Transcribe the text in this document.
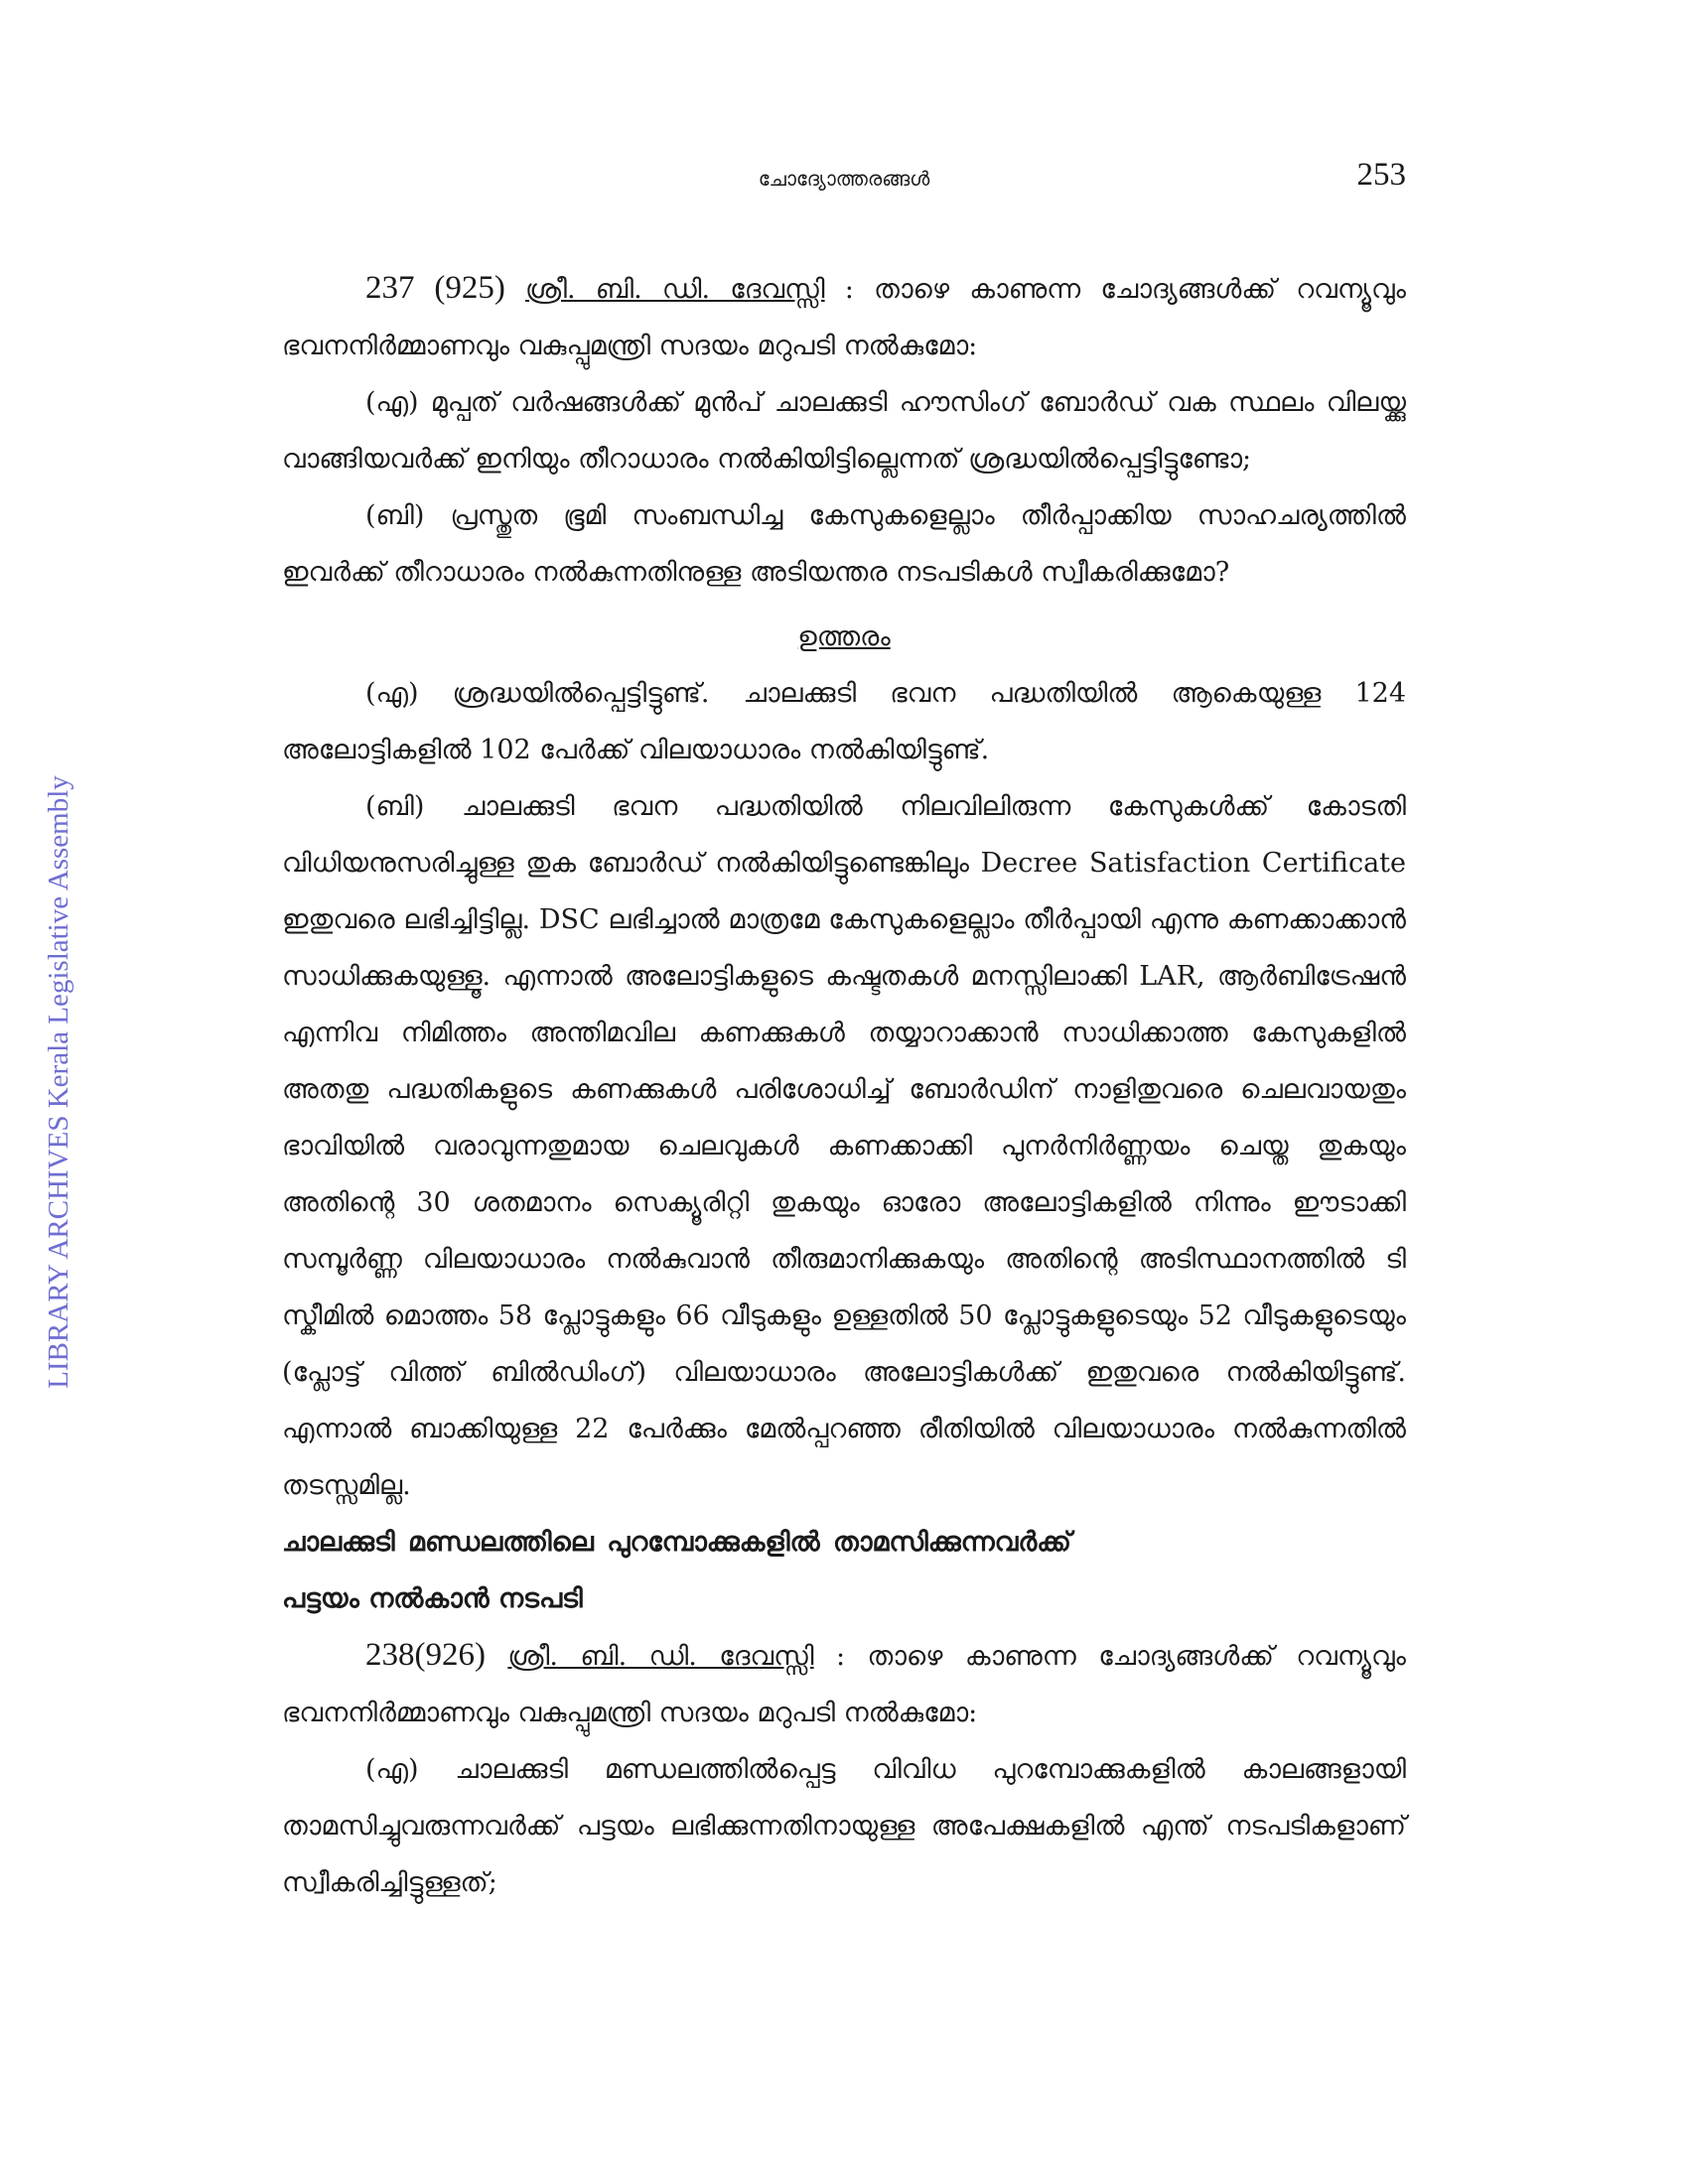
ചോദ്യോത്തരങ്ങൾ	253
LIBRARY ARCHIVES Kerala Legislative Assembly

237 (925) ശ്രീ. ബി. ഡി. ദേവസ്സി : താഴെ കാണുന്ന ചോദ്യങ്ങൾക്ക് റവന്യൂവും ഭവനനിർമ്മാണവും വകുപ്പുമന്ത്രി സദയം മറുപടി നൽകുമോ:

(എ) മുപ്പത് വർഷങ്ങൾക്ക് മുൻപ് ചാലക്കുടി ഹൗസിംഗ് ബോർഡ് വക സ്ഥലം വിലയ്ക്കു വാങ്ങിയവർക്ക് ഇനിയും തീറാധാരം നൽകിയിട്ടില്ലെന്നത് ശ്രദ്ധയിൽപ്പെട്ടിട്ടുണ്ടോ;

(ബി) പ്രസ്തുത ഭൂമി സംബന്ധിച്ച കേസുകളെല്ലാം തീർപ്പാക്കിയ സാഹചര്യത്തിൽ ഇവർക്ക് തീറാധാരം നൽകുന്നതിനുള്ള അടിയന്തര നടപടികൾ സ്വീകരിക്കുമോ?

ഉത്തരം

(എ) ശ്രദ്ധയിൽപ്പെട്ടിട്ടുണ്ട്. ചാലക്കുടി ഭവന പദ്ധതിയിൽ ആകെയുള്ള 124 അലോട്ടികളിൽ 102 പേർക്ക് വിലയാധാരം നൽകിയിട്ടുണ്ട്.

(ബി) ചാലക്കുടി ഭവന പദ്ധതിയിൽ നിലവിലിരുന്ന കേസുകൾക്ക് കോടതി വിധിയനുസരിച്ചുള്ള തുക ബോർഡ് നൽകിയിട്ടുണ്ടെങ്കിലും Decree Satisfaction Certificate ഇതുവരെ ലഭിച്ചിട്ടില്ല. DSC ലഭിച്ചാൽ മാത്രമേ കേസുകളെല്ലാം തീർപ്പായി എന്നു കണക്കാക്കാൻ സാധിക്കുകയുള്ളൂ. എന്നാൽ അലോട്ടികളുടെ കഷ്ടതകൾ മനസ്സിലാക്കി LAR, ആർബിട്രേഷൻ എന്നിവ നിമിത്തം അന്തിമവില കണക്കുകൾ തയ്യാറാക്കാൻ സാധിക്കാത്ത കേസുകളിൽ അതതു പദ്ധതികളുടെ കണക്കുകൾ പരിശോധിച്ച് ബോർഡിന് നാളിതുവരെ ചെലവായതും ഭാവിയിൽ വരാവുന്നതുമായ ചെലവുകൾ കണക്കാക്കി പുനർനിർണ്ണയം ചെയ്ത തുകയും അതിന്റെ 30 ശതമാനം സെക്യൂരിറ്റി തുകയും ഓരോ അലോട്ടികളിൽ നിന്നും ഈടാക്കി സമ്പൂർണ്ണ വിലയാധാരം നൽകുവാൻ തീരുമാനിക്കുകയും അതിന്റെ അടിസ്ഥാനത്തിൽ ടി സ്കീമിൽ മൊത്തം 58 പ്ലോട്ടുകളും 66 വീടുകളും ഉള്ളതിൽ 50 പ്ലോട്ടുകളുടെയും 52 വീടുകളുടെയും (പ്ലോട്ട് വിത്ത് ബിൽഡിംഗ്) വിലയാധാരം അലോട്ടികൾക്ക് ഇതുവരെ നൽകിയിട്ടുണ്ട്. എന്നാൽ ബാക്കിയുള്ള 22 പേർക്കും മേൽപ്പറഞ്ഞ രീതിയിൽ വിലയാധാരം നൽകുന്നതിൽ തടസ്സമില്ല.

ചാലക്കുടി മണ്ഡലത്തിലെ പുറമ്പോക്കുകളിൽ താമസിക്കുന്നവർക്ക്

പട്ടയം നൽകാൻ നടപടി

238(926) ശ്രീ. ബി. ഡി. ദേവസ്സി : താഴെ കാണുന്ന ചോദ്യങ്ങൾക്ക് റവന്യൂവും ഭവനനിർമ്മാണവും വകുപ്പുമന്ത്രി സദയം മറുപടി നൽകുമോ:

(എ) ചാലക്കുടി മണ്ഡലത്തിൽപ്പെട്ട വിവിധ പുറമ്പോക്കുകളിൽ കാലങ്ങളായി താമസിച്ചുവരുന്നവർക്ക് പട്ടയം ലഭിക്കുന്നതിനായുള്ള അപേക്ഷകളിൽ എന്ത് നടപടികളാണ് സ്വീകരിച്ചിട്ടുള്ളത്;
